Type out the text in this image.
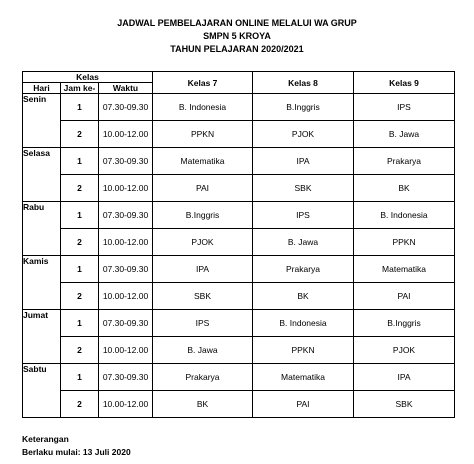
JADWAL PEMBELAJARAN ONLINE MELALUI WA GRUP
SMPN 5 KROYA
TAHUN PELAJARAN 2020/2021
Kelas			Kelas 7	Kelas 8	Kelas 9
Hari	Jam ke-	Waktu			
Senin	1	07.30-09.30	B. Indonesia	B.Inggris	IPS
	2	10.00-12.00	PPKN	PJOK	B. Jawa
Selasa	1	07.30-09.30	Matematika	IPA	Prakarya
	2	10.00-12.00	PAI	SBK	BK
Rabu	1	07.30-09.30	B.Inggris	IPS	B. Indonesia
	2	10.00-12.00	PJOK	B. Jawa	PPKN
Kamis	1	07.30-09.30	IPA	Prakarya	Matematika
	2	10.00-12.00	SBK	BK	PAI
Jumat	1	07.30-09.30	IPS	B. Indonesia	B.Inggris
	2	10.00-12.00	B. Jawa	PPKN	PJOK
Sabtu	1	07.30-09.30	Prakarya	Matematika	IPA
	2	10.00-12.00	BK	PAI	SBK
Keterangan
Berlaku mulai: 13 Juli 2020
